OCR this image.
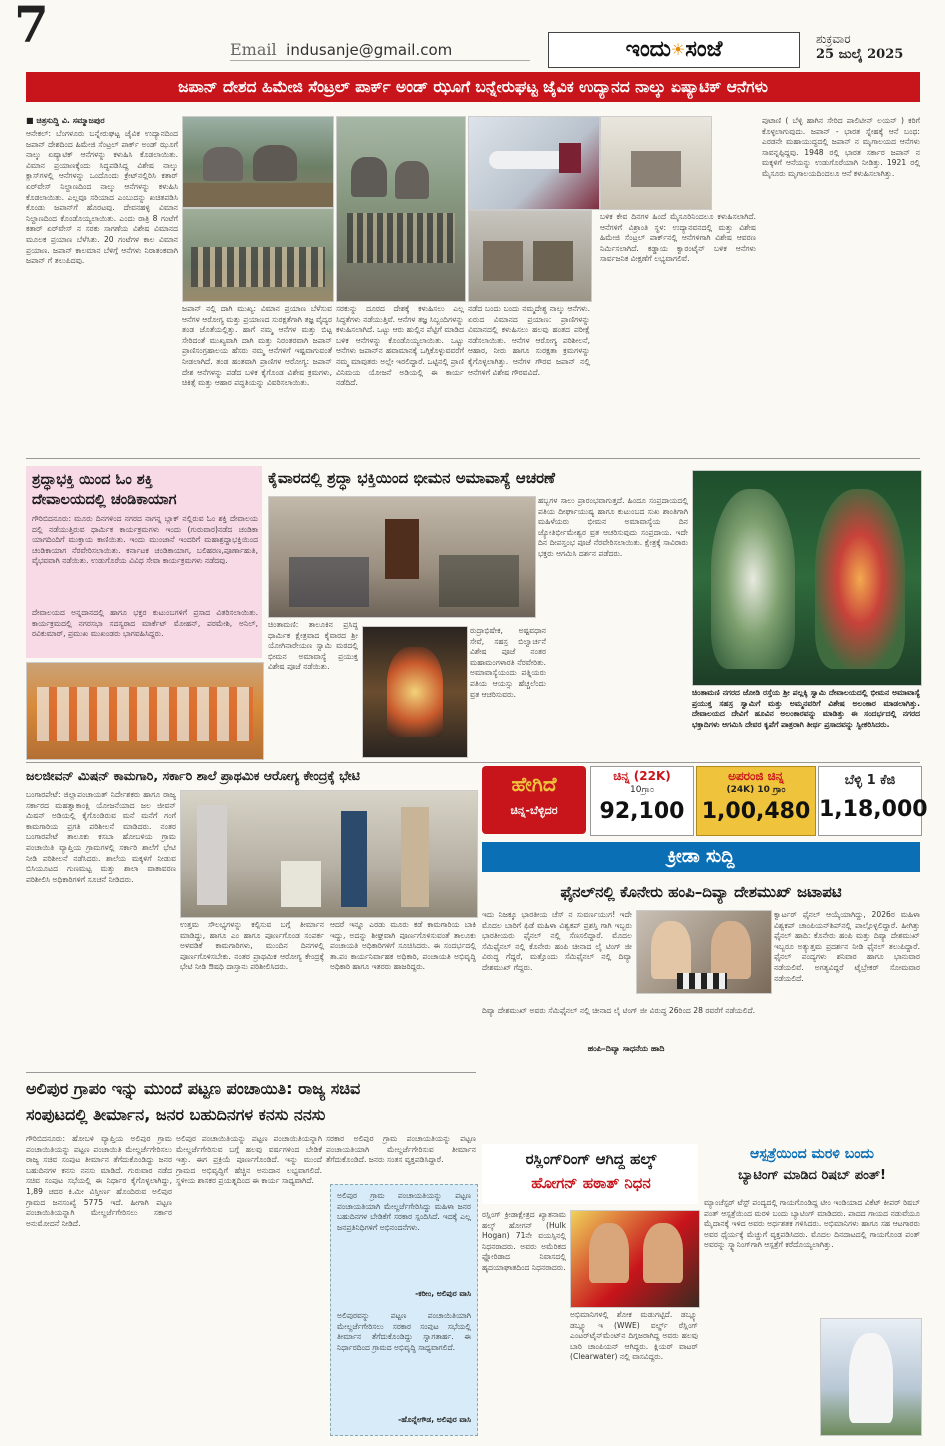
7	Email indusanje@gmail.com	ಇಂದು☀ಸಂಜೆ	ಶುಕ್ರವಾರ
25 ಜುಲೈ 2025
ಜಪಾನ್ ದೇಶದ ಹಿಮೇಜಿ ಸೆಂಟ್ರಲ್ ಪಾರ್ಕ್ ಅಂಡ್ ಝೂಗೆ ಬನ್ನೇರುಘಟ್ಟ ಜೈವಿಕ ಉದ್ಯಾನದ ನಾಲ್ಕು ಏಷ್ಯಾಟಿಕ್ ಆನೆಗಳು
■ ಚಿತ್ರಸುದ್ದಿ ವಿ. ಸಮ್ಮಾಜಪುರ
ಆನೇಕಲ್: ಬೆಂಗಳೂರು ಬನ್ನೇರುಘಟ್ಟ ಜೈವಿಕ ಉದ್ಯಾನದಿಂದ ಜಪಾನ್ ದೇಶದಿಂದ ಹಿಮೇಜಿ ಸೆಂಟ್ರಲ್ ಪಾರ್ಕ್ ಅಂಡ್ ಝೂಗೆ ನಾಲ್ಕು ಏಷ್ಯಾಟಿಕ್ ಆನೆಗಳನ್ನು ಕಳುಹಿಸಿ ಕೊಡಲಾಯಿತು. ವಿಮಾನ ಪ್ರಯಾಣಕ್ಕೆಂದು ಸಿದ್ಧಪಡಿಸಿದ್ದ ವಿಶೇಷ ನಾಲ್ಕು ಕ್ಲಾಸ್‌ಗಳಲ್ಲಿ ಆನೆಗಳನ್ನು ಒಂದೊಂದು ಕ್ರೇಟ್‌ನಲ್ಲಿರಿಸಿ ಕತಾರ್ ಏರ್‌ವೇಸ್ ನಿಲ್ದಾಣದಿಂದ ನಾಲ್ಕು ಆನೆಗಳನ್ನು ಕಳುಹಿಸಿ ಕೊಡಲಾಯಿತು. ಎಲ್ಲವೂ ಸರಿಯಾದ ಎಂಬುದನ್ನು ಖಚಿತಪಡಿಸಿ ಕೊಂಡು ಜಪಾನ್‌ಗೆ ಹೊರಟವು. ದೇವನಹಳ್ಳಿ ವಿಮಾನ ನಿಲ್ದಾಣದಿಂದ ಕೊಂಡೊಯ್ಯಲಾಯಿತು. ಎಂದು ರಾತ್ರಿ 8 ಗಂಟೆಗೆ ಕತಾರ್ ಏರ್‌ವೇಸ್ ನ ಸರಕು ಸಾಗಣೆಯ ವಿಶೇಷ ವಿಮಾನದ ಮೂಲಕ ಪ್ರಯಾಣ ಬೆಳೆಸಿತು. 20 ಗಂಟೆಗಳ ಕಾಲ ವಿಮಾನ ಪ್ರಯಾಣ. ಜಪಾನ್ ಕಾಲಮಾನ ಬೆಳಿಗ್ಗೆ ಆನೆಗಳು ನಿರಾತಂಕವಾಗಿ ಜಪಾನ್ ಗೆ ತಲುಪಿದವು.
ಜಪಾನ್ ನಲ್ಲಿ ದಾಗಿ ಮುಖ್ಯ: ವಿಮಾನ ಪ್ರಯಾಣ ಬೆಳೆಸುವ ಆನೆಗಳ ಆರೋಗ್ಯ ಮತ್ತು ಪ್ರಯಾಣದ ಸುರಕ್ಷತೆಗಾಗಿ ತಜ್ಞ ವೈದ್ಯರ ತಂಡ ಜೊತೆಯಲ್ಲಿತ್ತು. ಹಾಗೆ ನಮ್ಮ ಆನೆಗಳ ಮತ್ತು ಬಿಟ್ಟ ಸೇರಿದಂತೆ ಮುಖ್ಯವಾಗಿ ದಾಗಿ ಮತ್ತು ನಿರಂತರವಾಗಿ ಜಪಾನ್ ಪ್ರಾಣಿಸಂಗ್ರಹಾಲಯ ಹೆಸರು ನಮ್ಮ ಆನೆಗಳಿಗೆ ಇಷ್ಟವಾಗುವಂತೆ ನೀಡಲಾಗಿದೆ. ತಂಡ ಹಂತವಾಗಿ ಪ್ರಾಣಿಗಳ ಆರೋಗ್ಯ: ಜಪಾನ್ ದೇಶ ಆನೆಗಳನ್ನು ಪಡೆದ ಬಳಿಕ ಕೈಗೊಂಡ ವಿಶೇಷ ಕ್ರಮಗಳು, ಚಿಕಿತ್ಸೆ ಮತ್ತು ಆಹಾರ ಪದ್ಧತಿಯನ್ನು ವಿವರಿಸಲಾಯಿತು.
ಸರಕುನ್ನು ದೂರದ ದೇಶಕ್ಕೆ ಕಳುಹಿಸಲು ಎಲ್ಲ ಸಿದ್ಧತೆಗಳು ನಡೆಯುತ್ತಿವೆ. ಆನೆಗಳ ತಜ್ಞ ಸಿಬ್ಬಂದಿಗಳನ್ನು ಕಳುಹಿಸಲಾಗಿದೆ. ಒಟ್ಟು ಆರು ಹುಲ್ಲಿನ ಪೆಟ್ಟಿಗೆ ಮಾಡಿದ ಬಳಿಕ ಆನೆಗಳನ್ನು ಕೊಂಡೊಯ್ಯಲಾಯಿತು. ಒಟ್ಟು ಆನೆಗಳು ಜಪಾನ್‌ನ ಹವಾಮಾನಕ್ಕೆ ಒಗ್ಗಿಕೊಳ್ಳುವವರೆಗೆ ನಮ್ಮ ಮಾವುತರು ಅಲ್ಲೇ ಇರಲಿದ್ದಾರೆ. ಒಟ್ಟಿನಲ್ಲಿ ಪ್ರಾಣಿ ವಿನಿಮಯ ಯೋಜನೆ ಅಡಿಯಲ್ಲಿ ಈ ಕಾರ್ಯ ನಡೆದಿದೆ.
ನಡೆದ ಬಂದು ಬಂದು ನಮ್ಮದೇಶ್ಧ ನಾಲ್ಕು ಆನೆಗಳು. ಏರುದ ವಿಮಾನದ ಪ್ರಯಾಣ: ಪ್ರಾಣಿಗಳನ್ನು ವಿಮಾನದಲ್ಲಿ ಕಳುಹಿಸಲು ಹಲವು ಹಂತದ ಪರೀಕ್ಷೆ ನಡೆಸಲಾಯಿತು. ಆನೆಗಳ ಆರೋಗ್ಯ ಪರಿಶೀಲನೆ, ಆಹಾರ, ನೀರು ಹಾಗೂ ಸುರಕ್ಷತಾ ಕ್ರಮಗಳನ್ನು ಕೈಗೊಳ್ಳಲಾಗಿತ್ತು. ಆನೆಗಳ ಗೌರವ ಜಪಾನ್ ನಲ್ಲಿ ಆನೆಗಳಿಗೆ ವಿಶೇಷ ಗೌರವವಿದೆ.
ಬಳಿಕ ಕೇವ ದಿನಗಳ ಹಿಂದೆ ಮೈಸೂರಿನಿಂದಲೂ ಕಳುಹಿಸಲಾಗಿದೆ. ಆನೆಗಳಿಗೆ ವಿಶ್ರಾಂತಿ ಸ್ಥಳ: ಉದ್ಯಾನವನದಲ್ಲಿ ಮತ್ತು ವಿಶೇಷ ಹಿಮೇಜಿ ಸೆಂಟ್ರಲ್ ಪಾರ್ಕ್‌ನಲ್ಲಿ ಆನೆಗಳಿಗಾಗಿ ವಿಶೇಷ ಆವರಣ ನಿರ್ಮಿಸಲಾಗಿದೆ. ಕಡ್ಡಾಯ ಕ್ವಾರಂಟೈನ್ ಬಳಿಕ ಆನೆಗಳು ಸಾರ್ವಜನಿಕ ವೀಕ್ಷಣೆಗೆ ಲಭ್ಯವಾಗಲಿವೆ.
ಪುಟಾಣಿ ( ಬೆಳ್ಳಿ ಹಾಗಿನ ಸೇರಿದ ಪಾಲಿಟೀನ್ ಲಯನ್ ) ಕರಿಗೆ ಕೊಳ್ಳಲಾಗುವುದು. ಜಪಾನ್ - ಭಾರತ ಸ್ನೇಹಕ್ಕೆ ಆನೆ ಬಂಧ: ಎರಡನೇ ಮಹಾಯುದ್ಧದಲ್ಲಿ ಜಪಾನ್ ನ ಮೃಗಾಲಯದ ಆನೆಗಳು ಸಾವನ್ನಪ್ಪಿದ್ದವು. 1948 ರಲ್ಲಿ ಭಾರತ ಸರ್ಕಾರ ಜಪಾನ್ ನ ಮಕ್ಕಳಿಗೆ ಆನೆಯನ್ನು ಉಡುಗೊರೆಯಾಗಿ ನೀಡಿತ್ತು. 1921 ರಲ್ಲಿ ಮೈಸೂರು ಮೃಗಾಲಯದಿಂದಲೂ ಆನೆ ಕಳುಹಿಸಲಾಗಿತ್ತು.
ಶ್ರದ್ಧಾಭಕ್ತಿ ಯಿಂದ ಓಂ ಶಕ್ತಿ
ದೇವಾಲಯದಲ್ಲಿ ಚಂಡಿಕಾಯಾಗ
ಗೌರಿಬಿದನೂರು: ಮೂರು ದಿನಗಳಿಂದ ನಗರದ ನಾಗನ್ನ ಬ್ಲಾಕ್ ನಲ್ಲಿರುವ ಓಂ ಶಕ್ತಿ ದೇವಾಲಯ ದಲ್ಲಿ ನಡೆಯುತ್ತಿರುವ ಧಾರ್ಮಿಕ ಕಾರ್ಯಕ್ರಮಗಳು ಇಂದು (ಗುರುವಾರ)ನಡೆದ ಚಂಡಿಕಾ ಯಾಗದಿಂದಿಗೆ ಮುಕ್ತಾಯ ಕಾಣಿಯಿತು. ಇಂದು ಮುಂಜಾನೆ ಇಂದರಿಗೆ ಮಹಾಶ್ರದ್ದಾಭಕ್ತಿಯಿಂದ ಚಂಡಿಕಾಯಾಗ ನೆರವೇರಿಸಲಾಯಿತು. ಕರ್ನಾಟಕ ಚಂಡಿಕಾಯಾಗ, ಬಲಿಹರಣ,ಪೂರ್ಣಾಹುತಿ, ವೈಭವವಾಗಿ ನಡೆಯಿತು. ಉಡುಗೊರೆಯ ವಿವಿಧ ಸೇವಾ ಕಾರ್ಯಕ್ರಮಗಳು ನಡೆದವು.
ದೇವಾಲಯದ ಅನ್ನದಾನದಲ್ಲಿ ಹಾಗೂ ಭಕ್ತರ ಕುಟುಂಬಗಳಿಗೆ ಪ್ರಸಾದ ವಿತರಿಸಲಾಯಿತು. ಕಾರ್ಯಕ್ರಮದಲ್ಲಿ ನಗರಸಭಾ ಸದಸ್ಯರಾದ ಮಾರ್ಕೆಟ್ ಮೋಹನ್, ಪರಮೇಶಿ, ಅನಿಲ್, ರವಿಕುಮಾರ್, ಪ್ರಮುಖ ಮುಖಂಡರು ಭಾಗವಹಿಸಿದ್ದರು.
ಕೈವಾರದಲ್ಲಿ ಶ್ರದ್ಧಾ ಭಕ್ತಿಯಿಂದ ಭೀಮನ ಅಮಾವಾಸ್ಯೆ ಆಚರಣೆ
ಚಿಂತಾಮಣಿ: ತಾಲೂಕಿನ ಪ್ರಸಿದ್ಧ ಧಾರ್ಮಿಕ ಕ್ಷೇತ್ರವಾದ ಕೈವಾರದ ಶ್ರೀ ಯೋಗಿನಾರೇಯಣ ಸ್ವಾಮಿ ಮಠದಲ್ಲಿ ಭೀಮನ ಅಮಾವಾಸ್ಯೆ ಪ್ರಯುಕ್ತ ವಿಶೇಷ ಪೂಜೆ ನಡೆಯಿತು.
ರುದ್ರಾಭಿಷೇಕ, ಅಷ್ಟವಧಾನ ಸೇವೆ, ಸಹಸ್ರ ಬಿಲ್ವಾರ್ಚನೆ ವಿಶೇಷ ಪೂಜೆ ನಂತರ ಮಹಾಮಂಗಳಾರತಿ ನೆರವೇರಿತು. ಅಮಾವಾಸ್ಯೆಯಂದು ಪತ್ನಿಯರು ಪತಿಯ ಆಯಸ್ಸು ಹೆಚ್ಚಲೆಂದು ವ್ರತ ಆಚರಿಸುವರು.
ಹಬ್ಬಗಳ ಸಾಲು ಪ್ರಾರಂಭವಾಗುತ್ತದೆ. ಹಿಂದೂ ಸಂಪ್ರದಾಯದಲ್ಲಿ ಪತಿಯ ದೀರ್ಘಾಯುಷ್ಯ ಹಾಗೂ ಕುಟುಂಬದ ಸುಖ ಶಾಂತಿಗಾಗಿ ಮಹಿಳೆಯರು ಭೀಮನ ಅಮಾವಾಸ್ಯೆಯ ದಿನ ಜ್ಯೋತಿರ್ಭೀಮೇಶ್ವರ ವ್ರತ ಆಚರಿಸುವುದು ಸಂಪ್ರದಾಯ. ಇದೇ ದಿನ ದೀಪಸ್ತಂಭ ಪೂಜೆ ನೆರವೇರಿಸಲಾಯಿತು. ಕ್ಷೇತ್ರಕ್ಕೆ ಸಾವಿರಾರು ಭಕ್ತರು ಆಗಮಿಸಿ ದರ್ಶನ ಪಡೆದರು.
ಚಿಂತಾಮಣಿ ನಗರದ ಜೋಡಿ ರಸ್ತೆಯ ಶ್ರೀ ಪಲ್ಲಕ್ಕಿ ಸ್ವಾಮಿ ದೇವಾಲಯದಲ್ಲಿ ಭೀಮನ ಅಮಾವಾಸ್ಯೆ ಪ್ರಯುಕ್ತ ಸಹಸ್ರ ಸ್ವಾಮಿಗೆ ಮತ್ತು ಅಮ್ಮನವರಿಗೆ ವಿಶೇಷ ಅಲಂಕಾರ ಮಾಡಲಾಗಿತ್ತು. ದೇವಾಲಯದ ದೇವಿಗೆ ಹೂವಿನ ಅಲಂಕಾರವನ್ನು ಮಾಡಿತ್ತು ಈ ಸಂದರ್ಭದಲ್ಲಿ ನಗರದ ಭಕ್ತಾದಿಗಳು ಆಗಮಿಸಿ ದೇವರ ಕೃಪೆಗೆ ಪಾತ್ರರಾಗಿ ತೀರ್ಥ ಪ್ರಸಾದವನ್ನು ಸ್ವೀಕರಿಸಿದರು.
ಜಲಜೀವನ್ ಮಿಷನ್ ಕಾಮಗಾರಿ, ಸರ್ಕಾರಿ ಶಾಲೆ ಪ್ರಾಥಮಿಕ ಆರೋಗ್ಯ ಕೇಂದ್ರಕ್ಕೆ ಭೇಟಿ
ಬಂಗಾರಪೇಟೆ: ಜಿಲ್ಲಾಪಂಚಾಯತ್ ನಿರ್ದೇಶಕರು ಹಾಗೂ ರಾಜ್ಯ ಸರ್ಕಾರದ ಮಹತ್ವಾಕಾಂಕ್ಷಿ ಯೋಜನೆಯಾದ ಜಲ ಜೀವನ್ ಮಿಷನ್ ಅಡಿಯಲ್ಲಿ ಕೈಗೊಂಡಿರುವ ಮನೆ ಮನೆಗೆ ಗಂಗೆ ಕಾಮಗಾರಿಯ ಪ್ರಗತಿ ಪರಿಶೀಲನೆ ಮಾಡಿದರು. ನಂತರ ಬಂಗಾರಪೇಟೆ ತಾಲೂಕು ಕಸಬಾ ಹೋಬಳಿಯ ಗ್ರಾಮ ಪಂಚಾಯಿತಿ ವ್ಯಾಪ್ತಿಯ ಗ್ರಾಮಗಳಲ್ಲಿ ಸರ್ಕಾರಿ ಶಾಲೆಗೆ ಭೇಟಿ ನೀಡಿ ಪರಿಶೀಲನೆ ನಡೆಸಿದರು. ಶಾಲೆಯ ಮಕ್ಕಳಿಗೆ ನೀಡುವ ಬಿಸಿಯೂಟದ ಗುಣಮಟ್ಟ ಮತ್ತು ಶಾಲಾ ವಾತಾವರಣ ಪರಿಶೀಲಿಸಿ ಅಧಿಕಾರಿಗಳಿಗೆ ಸೂಚನೆ ನೀಡಿದರು.
ಉತ್ತಮ ಸೌಲಭ್ಯಗಳನ್ನು ಕಲ್ಪಿಸುವ ಬಗ್ಗೆ ತೀರ್ಮಾನ ಮಾಡಿದ್ದು, ಹಾಗೂ ಎಂ ಹಾಗೂ ಪೂರ್ಣಗೊಂಡ ಸಂಪರ್ಕ ಅಳವಡಿಕೆ ಕಾಮಗಾರಿಗಳು, ಮುಂದಿನ ದಿನಗಳಲ್ಲಿ ಪೂರ್ಣಗೊಳಿಸಬೇಕು. ನಂತರ ಪ್ರಾಥಮಿಕ ಆರೋಗ್ಯ ಕೇಂದ್ರಕ್ಕೆ ಭೇಟಿ ನೀಡಿ ಔಷಧಿ ದಾಸ್ತಾನು ಪರಿಶೀಲಿಸಿದರು.
ಆದರೆ ಇನ್ನೂ ಎರಡು ಮೂರು ಕಡೆ ಕಾಮಗಾರಿಯ ಬಾಕಿ ಇದ್ದು, ಅದನ್ನು ಶೀಘ್ರವಾಗಿ ಪೂರ್ಣಗೊಳಿಸುವಂತೆ ತಾಲೂಕು ಪಂಚಾಯತಿ ಅಧಿಕಾರಿಗಳಿಗೆ ಸೂಚಿಸಿದರು. ಈ ಸಂದರ್ಭದಲ್ಲಿ ತಾ.ಪಂ ಕಾರ್ಯನಿರ್ವಾಹಕ ಅಧಿಕಾರಿ, ಪಂಚಾಯತಿ ಅಭಿವೃದ್ಧಿ ಅಧಿಕಾರಿ ಹಾಗೂ ಇತರರು ಹಾಜರಿದ್ದರು.
ಹೇಗಿದೆ
ಚಿನ್ನ-ಬೆಳ್ಳಿದರ
ಚಿನ್ನ (22K)
10ಗ್ರಾಂ
92,100
ಅಪರಂಜಿ ಚಿನ್ನ
(24K) 10 ಗ್ರಾಂ
1,00,480
ಬೆಳ್ಳಿ 1 ಕೆಜಿ
1,18,000
ಕ್ರೀಡಾ ಸುದ್ದಿ
ಫೈನಲ್‌ನಲ್ಲಿ ಕೊನೇರು ಹಂಪಿ–ದಿವ್ಯಾ ದೇಶಮುಖ್ ಜಟಾಪಟಿ
ಇದು ನಿಜಕ್ಕೂ ಭಾರತೀಯ ಚೆಸ್ ನ ಸುವರ್ಣಯುಗ! ಇದೇ ಮೊದಲ ಬಾರಿಗೆ ಫಿಡೆ ಮಹಿಳಾ ವಿಶ್ವಕಪ್ ಪ್ರಶಸ್ತಿ ಗಾಗಿ ಇಬ್ಬರು ಭಾರತೀಯರು ಫೈನಲ್ ನಲ್ಲಿ ಸೆಣಸಲಿದ್ದಾರೆ. ಮೊದಲ ಸೆಮಿಫೈನಲ್ ನಲ್ಲಿ ಕೊನೇರು ಹಂಪಿ ಚೀನಾದ ಲೈ ಟಿಂಗ್ ಜೀ ವಿರುದ್ಧ ಗೆದ್ದರೆ, ಮತ್ತೊಂದು ಸೆಮಿಫೈನಲ್ ನಲ್ಲಿ ದಿವ್ಯಾ ದೇಶಮುಖ್ ಗೆದ್ದರು.
ದಿವ್ಯಾ ದೇಶಮುಖ್ ಅವರು ಸೆಮಿಫೈನಲ್ ನಲ್ಲಿ ಚೀನಾದ ಲೈ ಟಿಂಗ್ ಜೀ ವಿರುದ್ಧ 26ರಿಂದ 28 ರವರೆಗೆ ನಡೆಯಲಿದೆ.
ಹಂಪಿ–ದಿವ್ಯಾ ಸಾಧನೆಯ ಹಾದಿ
ಕ್ವಾರ್ಟರ್ ಫೈನಲ್‌ ಆಯ್ಕೆಯಾಗಿದ್ದು, 2026ರ ಮಹಿಳಾ ವಿಶ್ವಕಪ್ ಚಾಂಪಿಯನ್‌ಶಿಪ್‌ನಲ್ಲಿ ಪಾಲ್ಗೊಳ್ಳಲಿದ್ದಾರೆ. ಹೀಗಿತ್ತು ಫೈನಲ್ ಹಾದಿ: ಕೊನೇರು ಹಂಪಿ ಮತ್ತು ದಿವ್ಯಾ ದೇಶಮುಖ್ ಇಬ್ಬರೂ ಅತ್ಯುತ್ತಮ ಪ್ರದರ್ಶನ ನೀಡಿ ಫೈನಲ್ ತಲುಪಿದ್ದಾರೆ. ಫೈನಲ್ ಪಂದ್ಯಗಳು ಶನಿವಾರ ಹಾಗೂ ಭಾನುವಾರ ನಡೆಯಲಿವೆ. ಅಗತ್ಯವಿದ್ದರೆ ಟೈಬ್ರೇಕರ್ ಸೋಮವಾರ ನಡೆಯಲಿದೆ.
ಅಲಿಪುರ ಗ್ರಾಪಂ ಇನ್ನು ಮುಂದೆ ಪಟ್ಟಣ ಪಂಚಾಯಿತಿ: ರಾಜ್ಯ ಸಚಿವ
ಸಂಪುಟದಲ್ಲಿ ತೀರ್ಮಾನ, ಜನರ ಬಹುದಿನಗಳ ಕನಸು ನನಸು
ಗೌರಿಬಿದನೂರು: ಹೋಬಳಿ ವ್ಯಾಪ್ತಿಯ ಅಲಿಪುರ ಗ್ರಾಮ ಪಂಚಾಯಿತಿಯನ್ನು ಪಟ್ಟಣ ಪಂಚಾಯಿತಿ ಮೇಲ್ದರ್ಜೆಗೇರಿಸಲು ರಾಜ್ಯ ಸಚಿವ ಸಂಪುಟ ತೀರ್ಮಾನ ತೆಗೆದುಕೊಂಡಿದ್ದು ಜನರ ಬಹುದಿನಗಳ ಕನಸು ನನಸು ಮಾಡಿದೆ. ಗುರುವಾರ ನಡೆದ ಸಚಿವ ಸಂಪುಟ ಸಭೆಯಲ್ಲಿ ಈ ನಿರ್ಧಾರ ಕೈಗೊಳ್ಳಲಾಗಿದ್ದು, 1,89 ಚದರ ಕಿ.ಮೀ ವಿಸ್ತೀರ್ಣ ಹೊಂದಿರುವ ಅಲಿಪುರ ಗ್ರಾಮದ ಜನಸಂಖ್ಯೆ 5775 ಇದೆ. ಹೀಗಾಗಿ ಪಟ್ಟಣ ಪಂಚಾಯಿತಿಯನ್ನಾಗಿ ಮೇಲ್ದರ್ಜೆಗೇರಿಸಲು ಸರ್ಕಾರ ಅನುಮೋದನೆ ನೀಡಿದೆ.
ಅಲಿಪುರ ಪಂಚಾಯಿತಿಯನ್ನು ಪಟ್ಟಣ ಪಂಚಾಯಿತಿಯನ್ನಾಗಿ ಮೇಲ್ದರ್ಜೆಗೇರಿಸುವ ಬಗ್ಗೆ ಹಲವು ವರ್ಷಗಳಿಂದ ಬೇಡಿಕೆ ಇತ್ತು. ಈಗ ಪ್ರಕ್ರಿಯೆ ಪೂರ್ಣಗೊಂಡಿದೆ. ಇನ್ನು ಮುಂದೆ ಗ್ರಾಮದ ಅಭಿವೃದ್ಧಿಗೆ ಹೆಚ್ಚಿನ ಅನುದಾನ ಲಭ್ಯವಾಗಲಿದೆ. ಸ್ಥಳೀಯ ಶಾಸಕರ ಪ್ರಯತ್ನದಿಂದ ಈ ಕಾರ್ಯ ಸಾಧ್ಯವಾಗಿದೆ.
ಸರಕಾರ ಅಲಿಪುರ ಗ್ರಾಮ ಪಂಚಾಯತಿಯನ್ನು ಪಟ್ಟಣ ಪಂಚಾಯತಿಯಾಗಿ ಮೇಲ್ದರ್ಜೆಗೇರಿಸುವ ತೀರ್ಮಾನ ತೆಗೆದುಕೊಂಡಿದೆ. ಜನರು ಸಂತಸ ವ್ಯಕ್ತಪಡಿಸಿದ್ದಾರೆ.
ಅಲಿಪುರ ಗ್ರಾಮ ಪಂಚಾಯತಿಯನ್ನು ಪಟ್ಟಣ ಪಂಚಾಯತಿಯಾಗಿ ಮೇಲ್ದರ್ಜೆಗೇರಿಸಿದ್ದು ಮಹಿಳಾ ಜನರ ಬಹುದಿನಗಳ ಬೇಡಿಕೆಗೆ ಸರಕಾರ ಸ್ಪಂದಿಸಿದೆ. ಇದಕ್ಕೆ ಎಲ್ಲ ಜನಪ್ರತಿನಿಧಿಗಳಿಗೆ ಅಭಿನಂದನೆಗಳು.
-ಕರೀಂ, ಅಲಿಪುರ ವಾಸಿ
ಅಲಿಪುರವನ್ನು ಪಟ್ಟಣ ಪಂಚಾಯಿತಿಯಾಗಿ ಮೇಲ್ದರ್ಜೆಗೇರಿಸಲು ಸರಕಾರ ಸಂಪುಟ ಸಭೆಯಲ್ಲಿ ತೀರ್ಮಾನ ತೆಗೆದುಕೊಂಡಿದ್ದು ಸ್ವಾಗತಾರ್ಹ. ಈ ನಿರ್ಧಾರದಿಂದ ಗ್ರಾಮದ ಅಭಿವೃದ್ಧಿ ಸಾಧ್ಯವಾಗಲಿದೆ.
-ಹೊನ್ನೇಗೌಡ, ಅಲಿಪುರ ವಾಸಿ
ರಸ್ಲಿಂಗ್‌ರಿಂಗ್ ಆಗಿದ್ದ ಹಲ್ಕ್
ಹೋಗನ್ ಹಠಾತ್ ನಿಧನ
ರಸ್ಲಿಂಗ್ ಕ್ರೀಡಾಕ್ಷೇತ್ರದ ಖ್ಯಾತನಾಮ ಹಲ್ಕ್ ಹೋಗನ್ (Hulk Hogan) 71ನೇ ವಯಸ್ಸಿನಲ್ಲಿ ನಿಧನರಾದರು. ಅವರು ಅಮೆರಿಕದ ಫ್ಲೋರಿಡಾದ ನಿವಾಸದಲ್ಲಿ ಹೃದಯಾಘಾತದಿಂದ ನಿಧನರಾದರು.
ಅಭಿಮಾನಿಗಳಲ್ಲಿ ಶೋಕ ಮಡುಗಟ್ಟಿದೆ. ಡಬ್ಲ್ಯೂ ಡಬ್ಲ್ಯೂ ಇ (WWE) ವರ್ಲ್ಡ್ ರೆಸ್ಲಿಂಗ್ ಎಂಟರ್‌ಟೈನ್‌ಮೆಂಟ್‌ನ ದಿಗ್ಗಜರಾಗಿದ್ದ ಅವರು ಹಲವು ಬಾರಿ ಚಾಂಪಿಯನ್ ಆಗಿದ್ದರು. ಕ್ಲಿಯರ್ ವಾಟರ್ (Clearwater) ನಲ್ಲಿ ವಾಸವಿದ್ದರು.
ಆಸ್ಪತ್ರೆಯಿಂದ ಮರಳಿ ಬಂದು
ಬ್ಯಾಟಿಂಗ್ ಮಾಡಿದ ರಿಷಬ್ ಪಂತ್!
ಮ್ಯಾಂಚೆಸ್ಟರ್ ಟೆಸ್ಟ್ ಪಂದ್ಯದಲ್ಲಿ ಗಾಯಗೊಂಡಿದ್ದ ಟೀಂ ಇಂಡಿಯಾದ ವಿಕೆಟ್ ಕೀಪರ್ ರಿಷಬ್ ಪಂತ್ ಆಸ್ಪತ್ರೆಯಿಂದ ಮರಳಿ ಬಂದು ಬ್ಯಾಟಿಂಗ್ ಮಾಡಿದರು. ಪಾದದ ಗಾಯದ ನಡುವೆಯೂ ಮೈದಾನಕ್ಕೆ ಇಳಿದ ಅವರು ಅರ್ಧಶತಕ ಗಳಿಸಿದರು. ಅಭಿಮಾನಿಗಳು ಹಾಗೂ ಸಹ ಆಟಗಾರರು ಅವರ ಧೈರ್ಯಕ್ಕೆ ಮೆಚ್ಚುಗೆ ವ್ಯಕ್ತಪಡಿಸಿದರು. ಮೊದಲ ದಿನದಾಟದಲ್ಲಿ ಗಾಯಗೊಂಡ ಪಂತ್ ಅವರನ್ನು ಸ್ಕ್ಯಾನಿಂಗ್‌ಗಾಗಿ ಆಸ್ಪತ್ರೆಗೆ ಕರೆದೊಯ್ಯಲಾಗಿತ್ತು.
